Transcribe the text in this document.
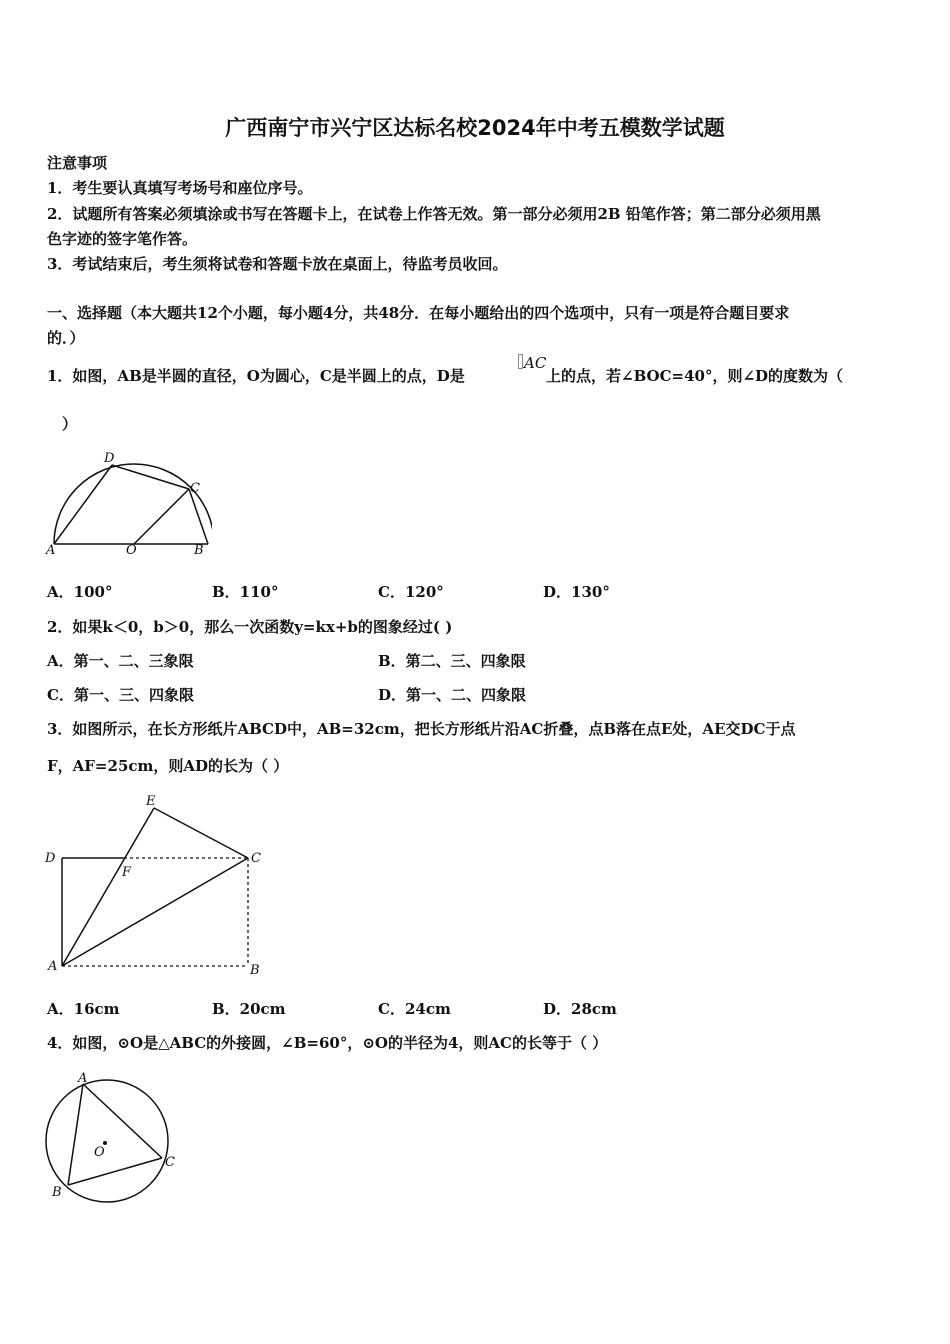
广西南宁市兴宁区达标名校2024年中考五模数学试题
注意事项
1．考生要认真填写考场号和座位序号。
2．试题所有答案必须填涂或书写在答题卡上，在试卷上作答无效。第一部分必须用2B 铅笔作答；第二部分必须用黑
色字迹的签字笔作答。
3．考试结束后，考生须将试卷和答题卡放在桌面上，待监考员收回。
一、选择题（本大题共12个小题，每小题4分，共48分．在每小题给出的四个选项中，只有一项是符合题目要求
的．）
1．如图，AB是半圆的直径，O为圆心，C是半圆上的点，D是
AC
上的点，若∠BOC=40°，则∠D的度数为（
）
D
C
A	O	B
A．100°	B．110°	C．120°	D．130°
2．如果k＜0，b＞0，那么一次函数y=kx+b的图象经过( )
A．第一、二、三象限	B．第二、三、四象限
C．第一、三、四象限	D．第一、二、四象限
3．如图所示，在长方形纸片ABCD中，AB=32cm，把长方形纸片沿AC折叠，点B落在点E处，AE交DC于点
F，AF=25cm，则AD的长为（ ）
E
D	C
F
A	B
A．16cm	B．20cm	C．24cm	D．28cm
4．如图，⊙O是△ABC的外接圆，∠B=60°，⊙O的半径为4，则AC的长等于（ ）
A
B
C
O
